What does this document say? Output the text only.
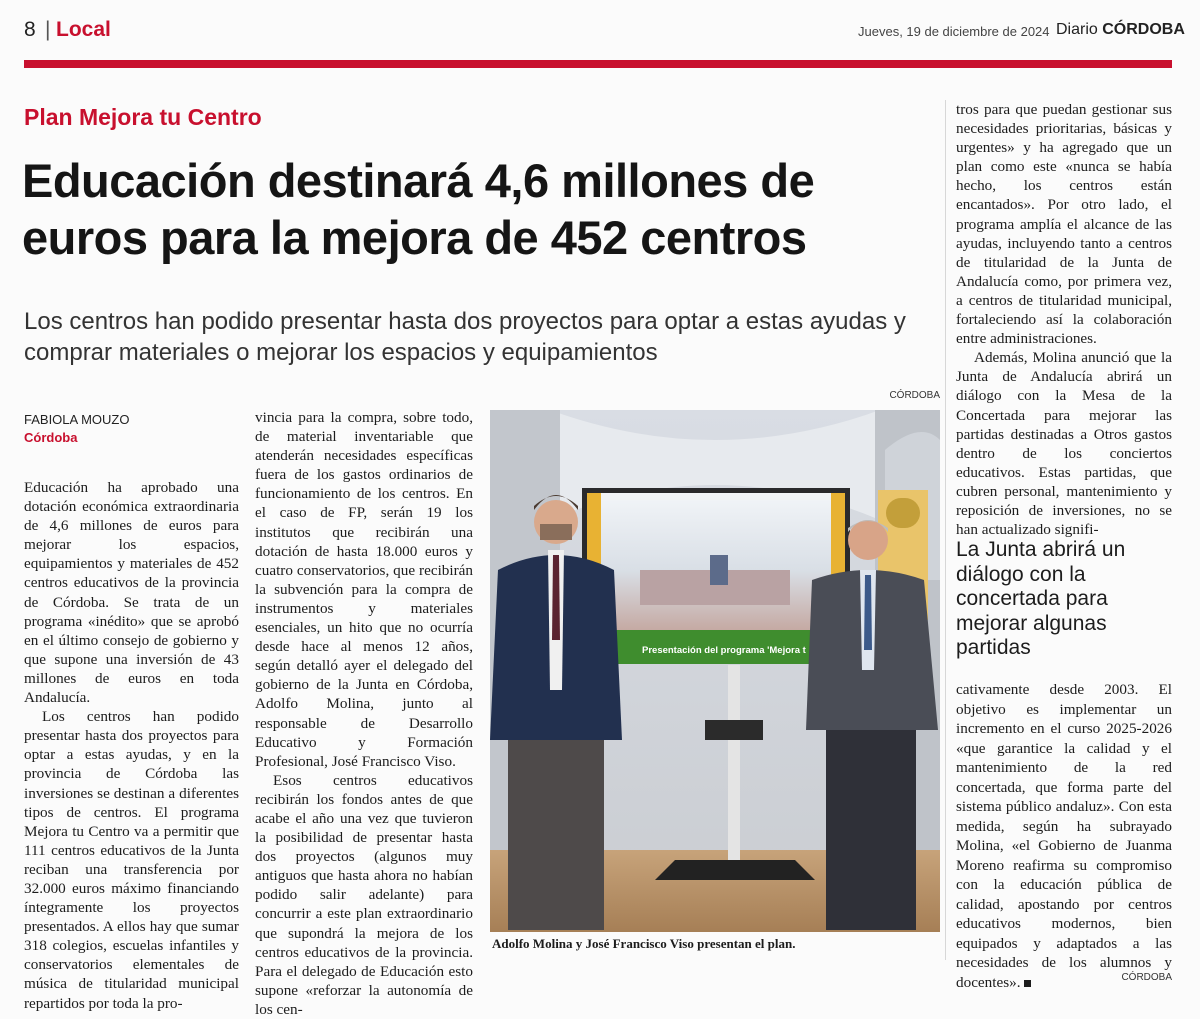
8 | Local	Jueves, 19 de diciembre de 2024 Diario CÓRDOBA
Plan Mejora tu Centro
Educación destinará 4,6 millones de euros para la mejora de 452 centros

Los centros han podido presentar hasta dos proyectos para optar a estas ayudas y comprar materiales o mejorar los espacios y equipamientos

CÓRDOBA
FABIOLA MOUZO
Córdoba

Educación ha aprobado una dotación económica extraordinaria de 4,6 millones de euros para mejorar los espacios, equipamientos y materiales de 452 centros educativos de la provincia de Córdoba. Se trata de un programa «inédito» que se aprobó en el último consejo de gobierno y que supone una inversión de 43 millones de euros en toda Andalucía.

Los centros han podido presentar hasta dos proyectos para optar a estas ayudas, y en la provincia de Córdoba las inversiones se destinan a diferentes tipos de centros. El programa Mejora tu Centro va a permitir que 111 centros educativos de la Junta reciban una transferencia por 32.000 euros máximo financiando íntegramente los proyectos presentados. A ellos hay que sumar 318 colegios, escuelas infantiles y conservatorios elementales de música de titularidad municipal repartidos por toda la pro-

vincia para la compra, sobre todo, de material inventariable que atenderán necesidades específicas fuera de los gastos ordinarios de funcionamiento de los centros. En el caso de FP, serán 19 los institutos que recibirán una dotación de hasta 18.000 euros y cuatro conservatorios, que recibirán la subvención para la compra de instrumentos y materiales esenciales, un hito que no ocurría desde hace al menos 12 años, según detalló ayer el delegado del gobierno de la Junta en Córdoba, Adolfo Molina, junto al responsable de Desarrollo Educativo y Formación Profesional, José Francisco Viso.

Esos centros educativos recibirán los fondos antes de que acabe el año una vez que tuvieron la posibilidad de presentar hasta dos proyectos (algunos muy antiguos que hasta ahora no habían podido salir adelante) para concurrir a este plan extraordinario que supondrá la mejora de los centros educativos de la provincia. Para el delegado de Educación esto supone «reforzar la autonomía de los cen-

tros para que puedan gestionar sus necesidades prioritarias, básicas y urgentes» y ha agregado que un plan como este «nunca se había hecho, los centros están encantados». Por otro lado, el programa amplía el alcance de las ayudas, incluyendo tanto a centros de titularidad de la Junta de Andalucía como, por primera vez, a centros de titularidad municipal, fortaleciendo así la colaboración entre administraciones.

Además, Molina anunció que la Junta de Andalucía abrirá un diálogo con la Mesa de la Concertada para mejorar las partidas destinadas a Otros gastos dentro de los conciertos educativos. Estas partidas, que cubren personal, mantenimiento y reposición de inversiones, no se han actualizado signifi-

La Junta abrirá un diálogo con la concertada para mejorar algunas partidas

cativamente desde 2003. El objetivo es implementar un incremento en el curso 2025-2026 «que garantice la calidad y el mantenimiento de la red concertada, que forma parte del sistema público andaluz». Con esta medida, según ha subrayado Molina, «el Gobierno de Juanma Moreno reafirma su compromiso con la educación pública de calidad, apostando por centros educativos modernos, bien equipados y adaptados a las necesidades de los alumnos y docentes».

Presentación del programa 'Mejora t
Adolfo Molina y José Francisco Viso presentan el plan.
CÓRDOBA
